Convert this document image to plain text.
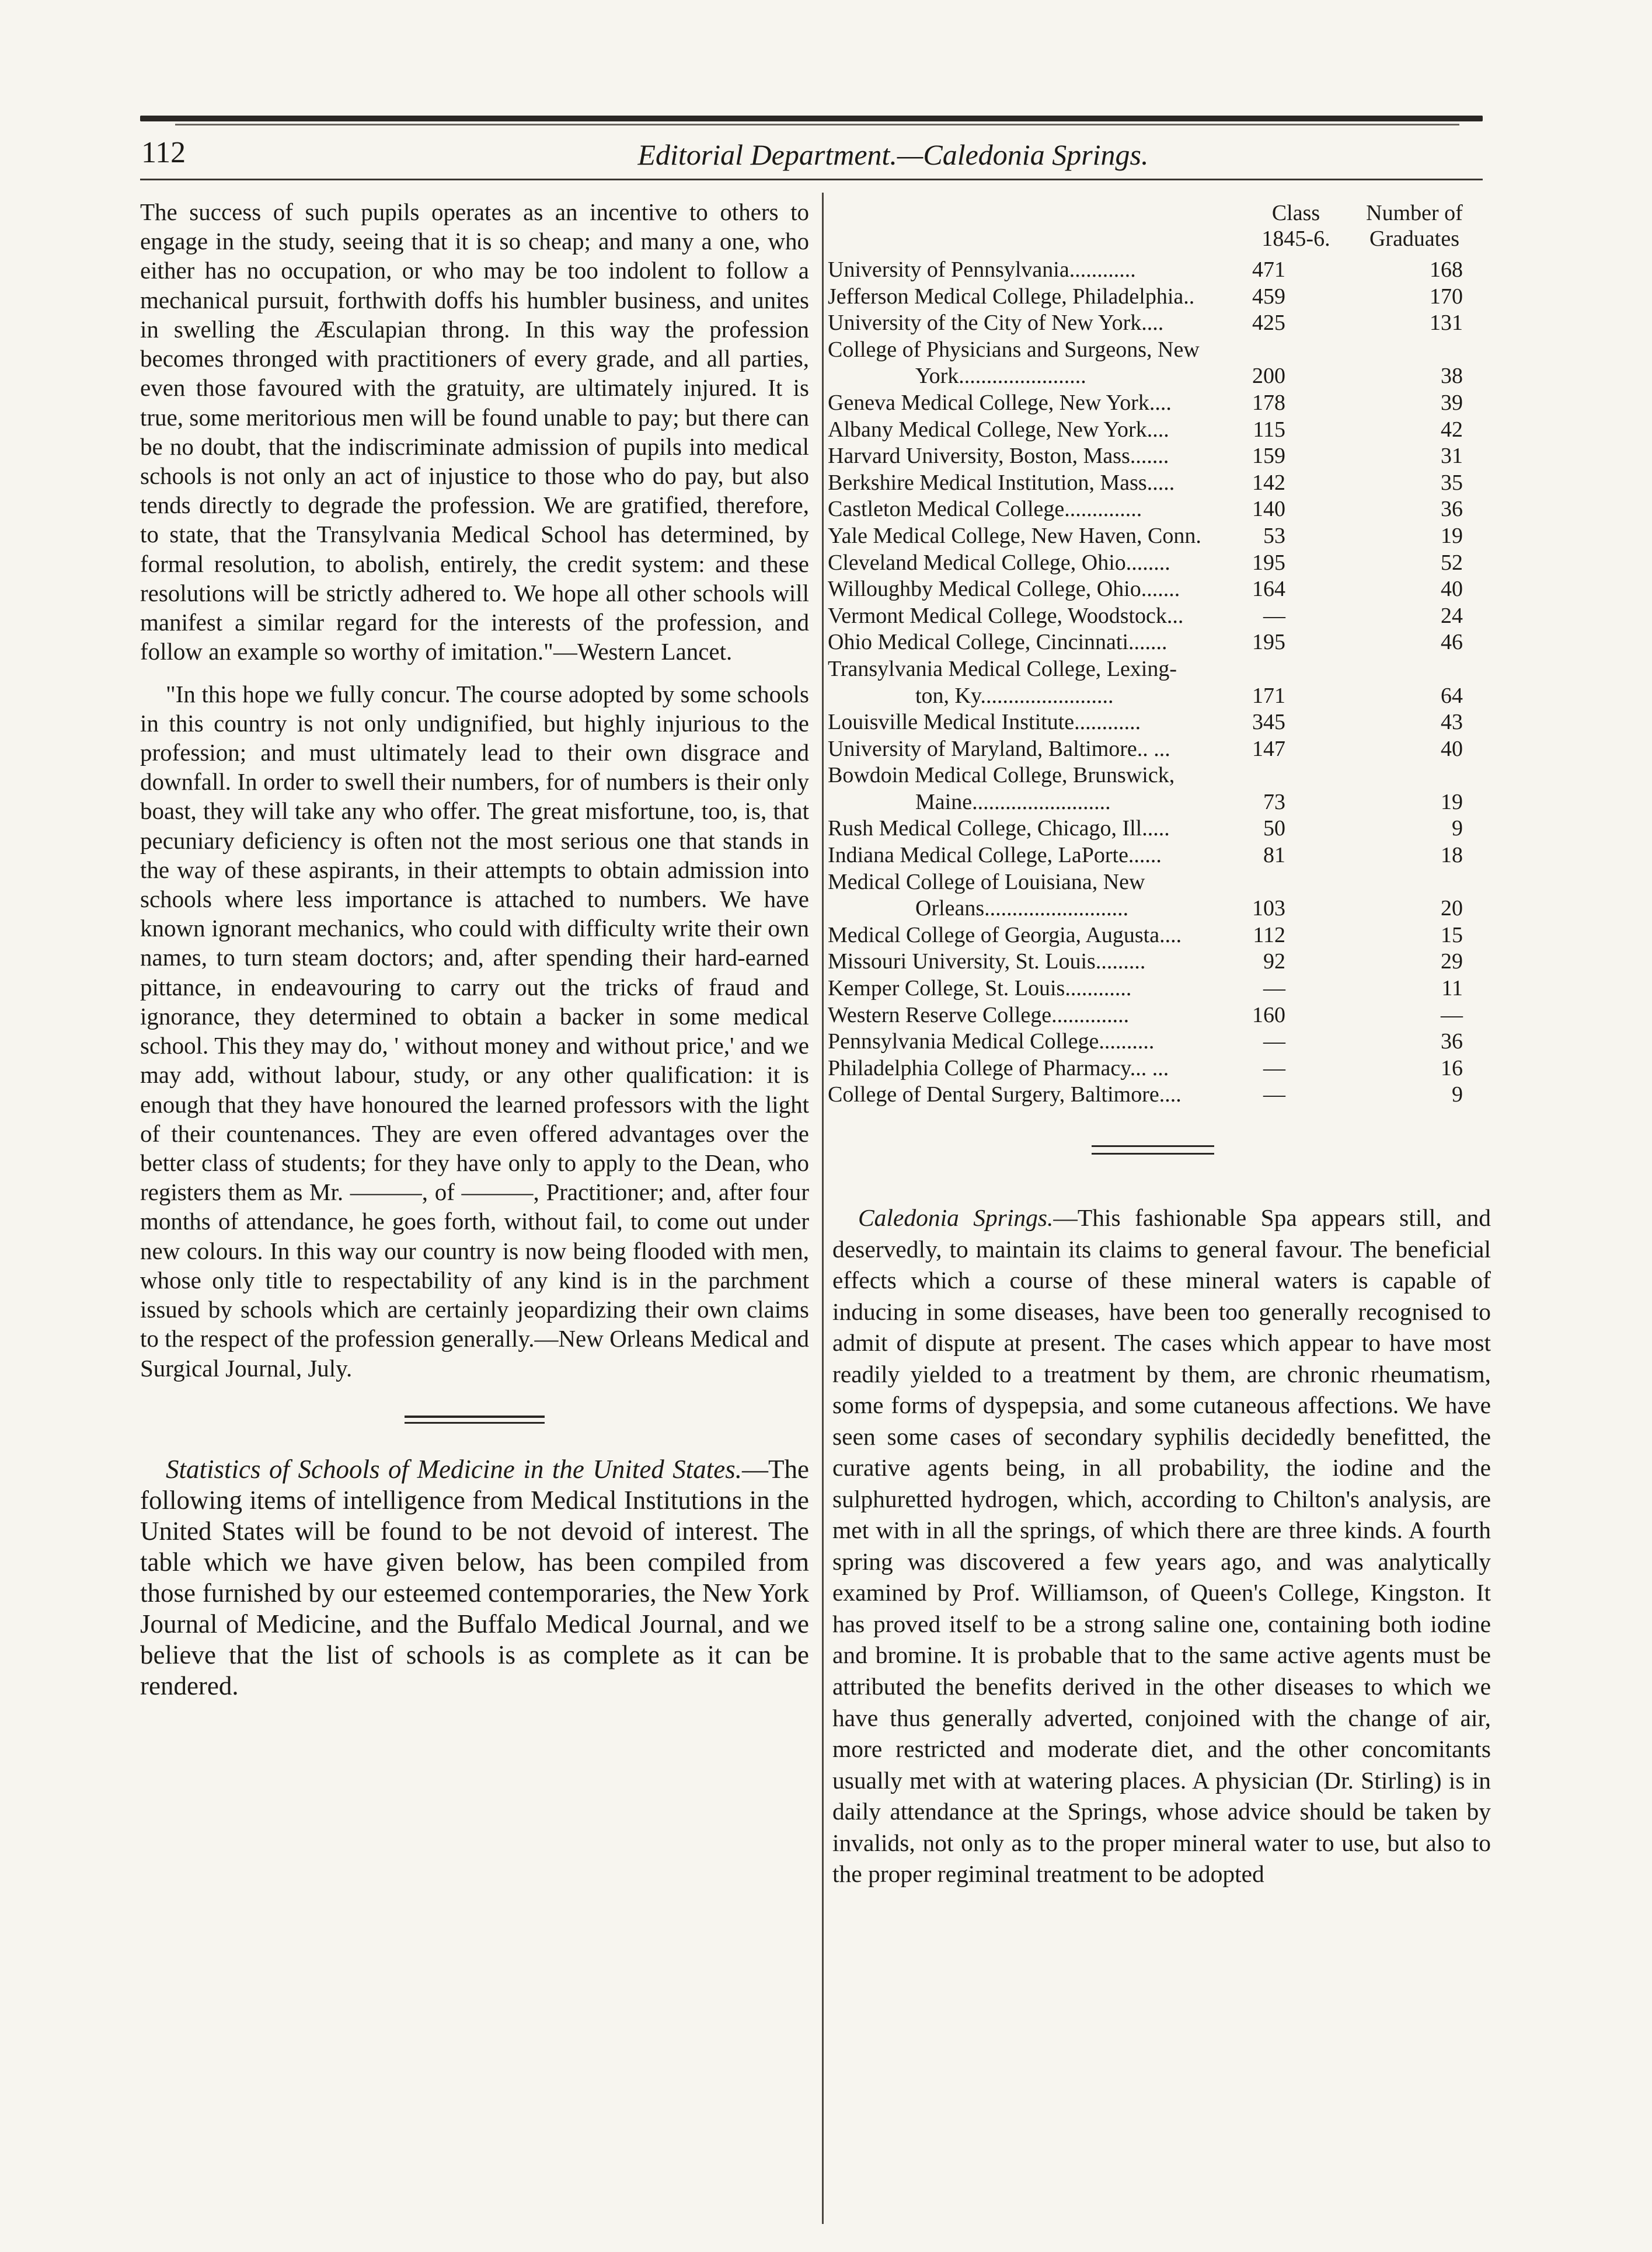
112	Editorial Department.—Caledonia Springs.

The success of such pupils operates as an incentive to others to engage in the study, seeing that it is so cheap; and many a one, who either has no occupation, or who may be too indolent to follow a mechanical pursuit, forthwith doffs his humbler business, and unites in swelling the Æsculapian throng. In this way the profession becomes thronged with practitioners of every grade, and all parties, even those favoured with the gratuity, are ultimately injured. It is true, some meritorious men will be found unable to pay; but there can be no doubt, that the indiscriminate admission of pupils into medical schools is not only an act of injustice to those who do pay, but also tends directly to degrade the profession. We are gratified, therefore, to state, that the Transylvania Medical School has determined, by formal resolution, to abolish, entirely, the credit system: and these resolutions will be strictly adhered to. We hope all other schools will manifest a similar regard for the interests of the profession, and follow an example so worthy of imitation."—Western Lancet.

"In this hope we fully concur. The course adopted by some schools in this country is not only undignified, but highly injurious to the profession; and must ultimately lead to their own disgrace and downfall. In order to swell their numbers, for of numbers is their only boast, they will take any who offer. The great misfortune, too, is, that pecuniary deficiency is often not the most serious one that stands in the way of these aspirants, in their attempts to obtain admission into schools where less importance is attached to numbers. We have known ignorant mechanics, who could with difficulty write their own names, to turn steam doctors; and, after spending their hard-earned pittance, in endeavouring to carry out the tricks of fraud and ignorance, they determined to obtain a backer in some medical school. This they may do, ' without money and without price,' and we may add, without labour, study, or any other qualification: it is enough that they have honoured the learned professors with the light of their countenances. They are even offered advantages over the better class of students; for they have only to apply to the Dean, who registers them as Mr. ———, of ———, Practitioner; and, after four months of attendance, he goes forth, without fail, to come out under new colours. In this way our country is now being flooded with men, whose only title to respectability of any kind is in the parchment issued by schools which are certainly jeopardizing their own claims to the respect of the profession generally.—New Orleans Medical and Surgical Journal, July.

Statistics of Schools of Medicine in the United States.—The following items of intelligence from Medical Institutions in the United States will be found to be not devoid of interest. The table which we have given below, has been compiled from those furnished by our esteemed contemporaries, the New York Journal of Medicine, and the Buffalo Medical Journal, and we believe that the list of schools is as complete as it can be rendered.

Class
1845-6.
Number of
Graduates
University of Pennsylvania............	471	168
Jefferson Medical College, Philadelphia..	459	170
University of the City of New York....	425	131
College of Physicians and Surgeons, New
York.......................	200	38
Geneva Medical College, New York....	178	39
Albany Medical College, New York....	115	42
Harvard University, Boston, Mass.......	159	31
Berkshire Medical Institution, Mass.....	142	35
Castleton Medical College..............	140	36
Yale Medical College, New Haven, Conn.	53	19
Cleveland Medical College, Ohio........	195	52
Willoughby Medical College, Ohio.......	164	40
Vermont Medical College, Woodstock...	—	24
Ohio Medical College, Cincinnati.......	195	46
Transylvania Medical College, Lexing-
ton, Ky........................	171	64
Louisville Medical Institute............	345	43
University of Maryland, Baltimore.. ...	147	40
Bowdoin Medical College, Brunswick,
Maine.........................	73	19
Rush Medical College, Chicago, Ill.....	50	9
Indiana Medical College, LaPorte......	81	18
Medical College of Louisiana, New
Orleans..........................	103	20
Medical College of Georgia, Augusta....	112	15
Missouri University, St. Louis.........	92	29
Kemper College, St. Louis............	—	11
Western Reserve College..............	160	—
Pennsylvania Medical College..........	—	36
Philadelphia College of Pharmacy... ...	—	16
College of Dental Surgery, Baltimore....	—	9

Caledonia Springs.—This fashionable Spa appears still, and deservedly, to maintain its claims to general favour. The beneficial effects which a course of these mineral waters is capable of inducing in some diseases, have been too generally recognised to admit of dispute at present. The cases which appear to have most readily yielded to a treatment by them, are chronic rheumatism, some forms of dyspepsia, and some cutaneous affections. We have seen some cases of secondary syphilis decidedly benefitted, the curative agents being, in all probability, the iodine and the sulphuretted hydrogen, which, according to Chilton's analysis, are met with in all the springs, of which there are three kinds. A fourth spring was discovered a few years ago, and was analytically examined by Prof. Williamson, of Queen's College, Kingston. It has proved itself to be a strong saline one, containing both iodine and bromine. It is probable that to the same active agents must be attributed the benefits derived in the other diseases to which we have thus generally adverted, conjoined with the change of air, more restricted and moderate diet, and the other concomitants usually met with at watering places. A physician (Dr. Stirling) is in daily attendance at the Springs, whose advice should be taken by invalids, not only as to the proper mineral water to use, but also to the proper regiminal treatment to be adopted
